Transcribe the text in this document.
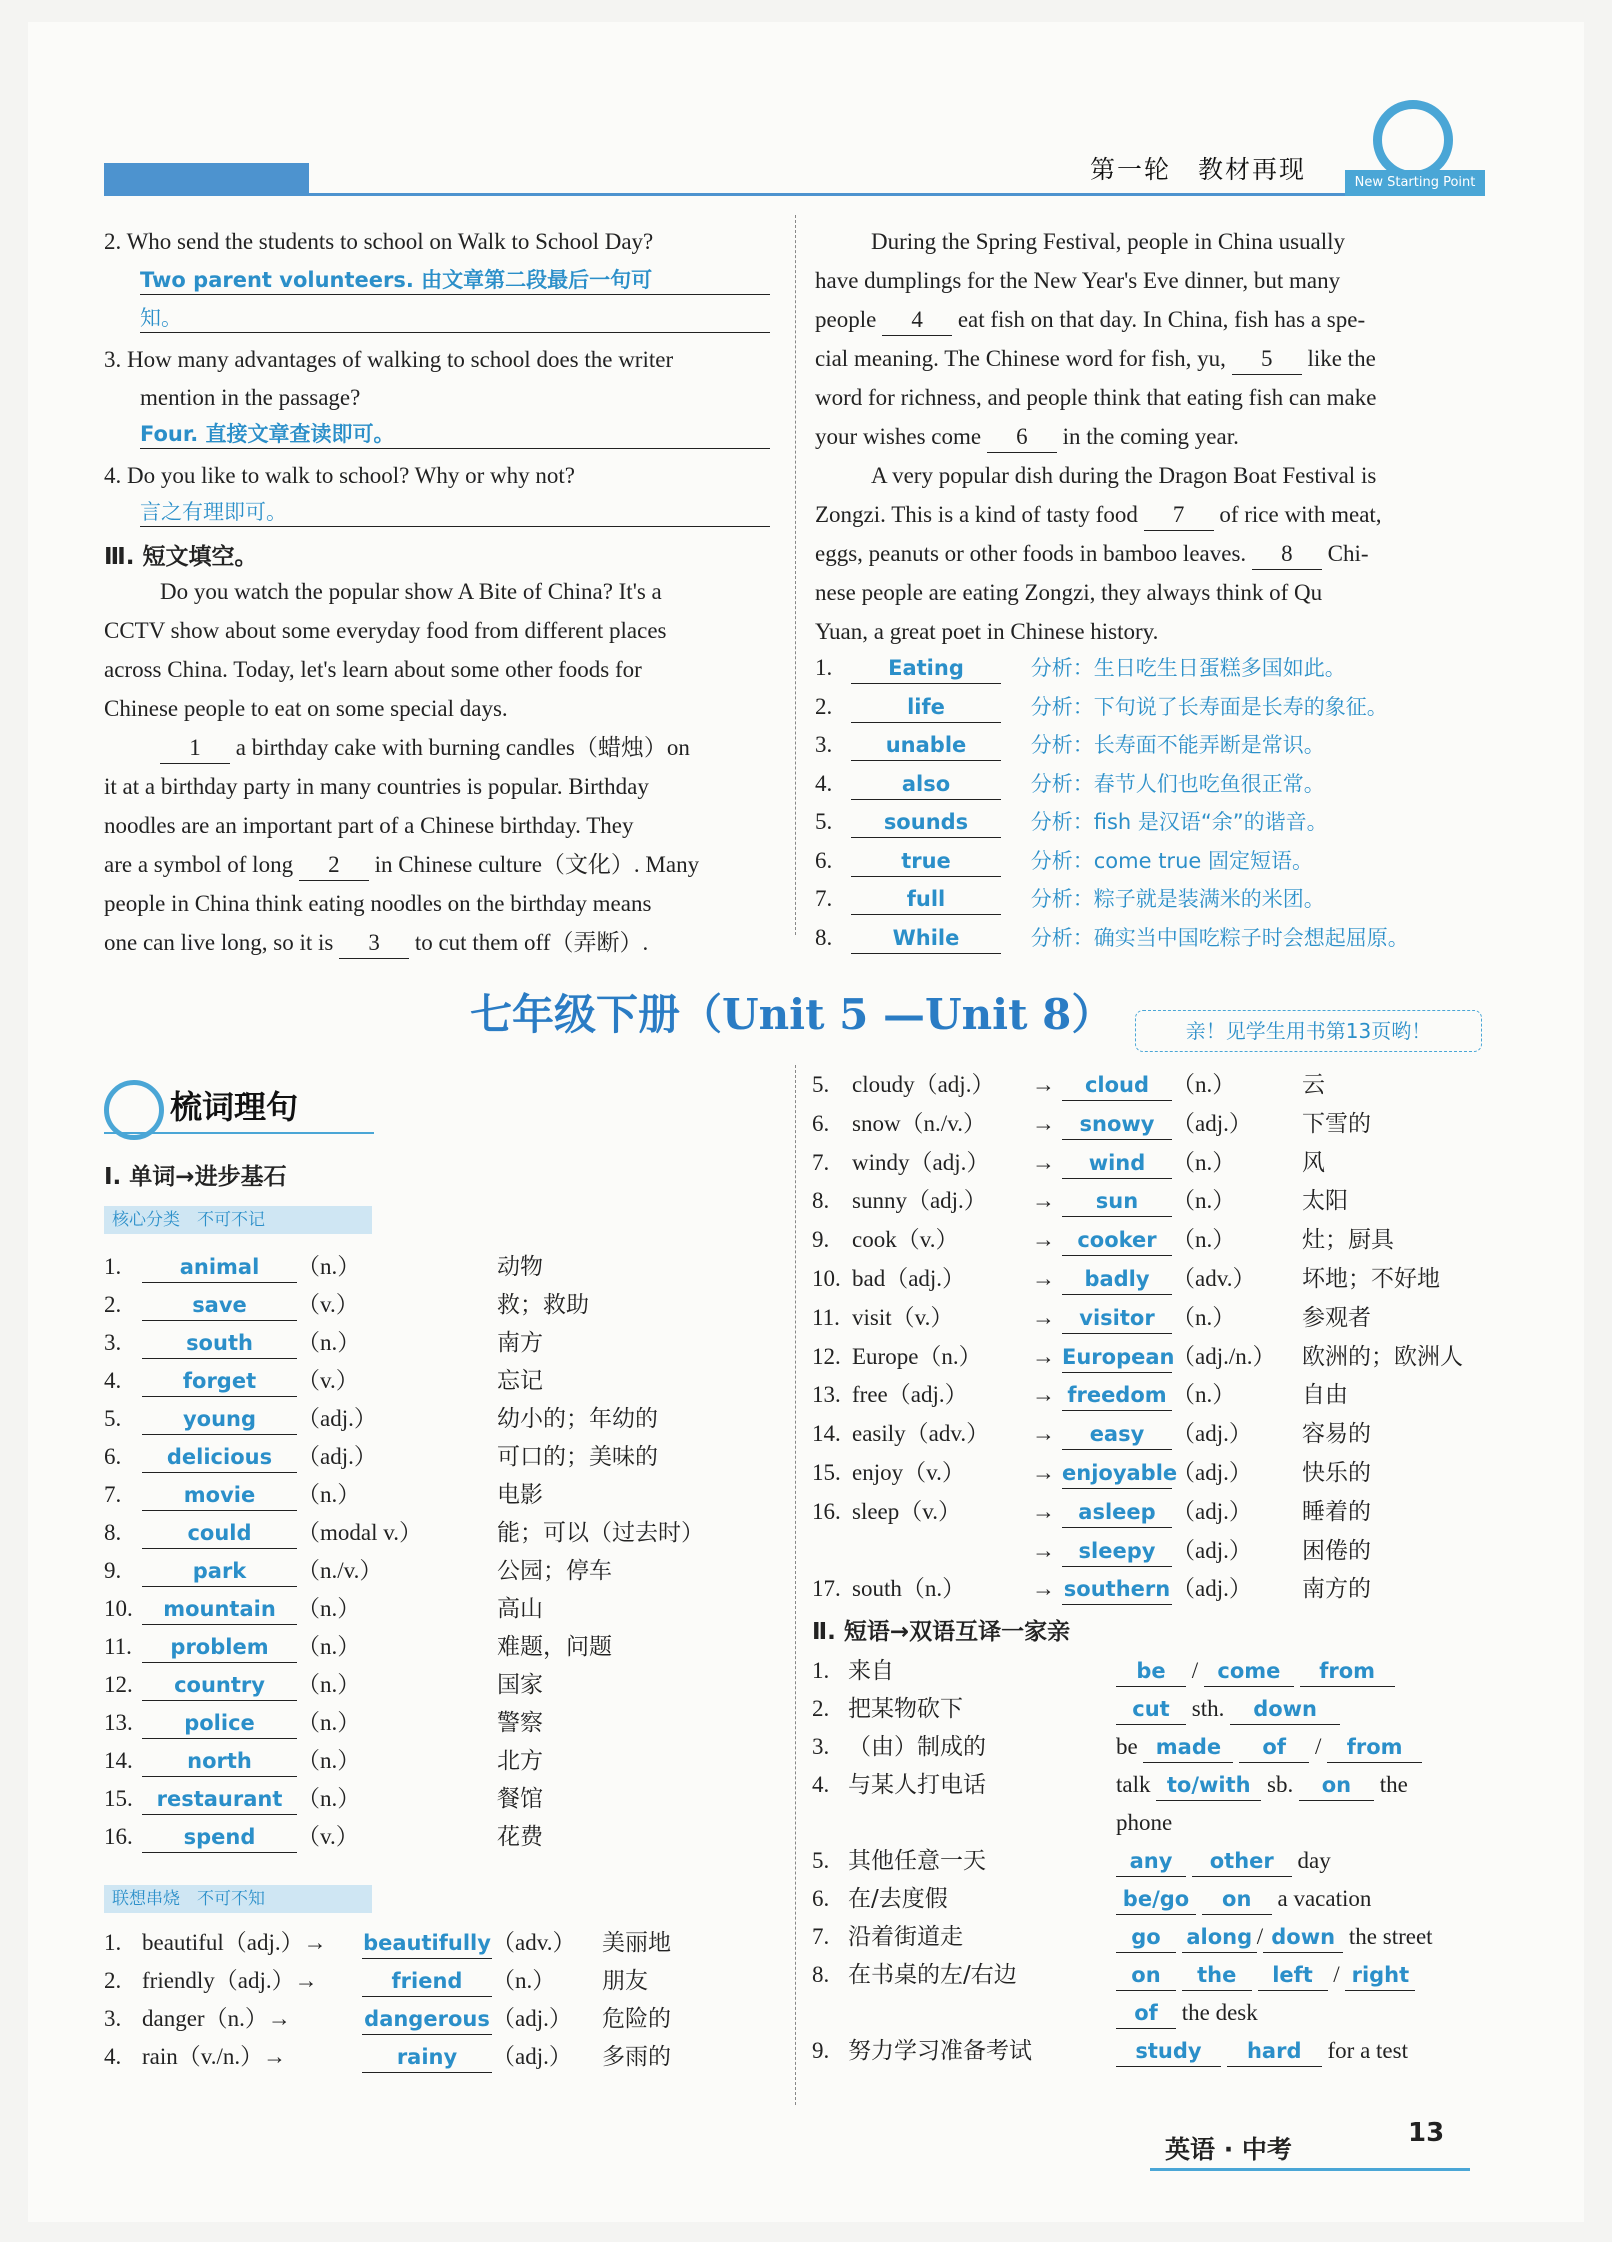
第一轮　教材再现	New Starting Point
2. Who send the students to school on Walk to School Day?
Two parent volunteers. 由文章第二段最后一句可
知。
3. How many advantages of walking to school does the writer
mention in the passage?
Four. 直接文章查读即可。
4. Do you like to walk to school? Why or why not?
言之有理即可。
Ⅲ. 短文填空。
Do you watch the popular show A Bite of China? It's a
CCTV show about some everyday food from different places
across China. Today, let's learn about some other foods for
Chinese people to eat on some special days.
1 a birthday cake with burning candles（蜡烛）on
it at a birthday party in many countries is popular. Birthday
noodles are an important part of a Chinese birthday. They
are a symbol of long 2 in Chinese culture（文化）. Many
people in China think eating noodles on the birthday means
one can live long, so it is 3 to cut them off（弄断）.
During the Spring Festival, people in China usually
have dumplings for the New Year's Eve dinner, but many
people 4 eat fish on that day. In China, fish has a spe-
cial meaning. The Chinese word for fish, yu, 5 like the
word for richness, and people think that eating fish can make
your wishes come 6 in the coming year.
A very popular dish during the Dragon Boat Festival is
Zongzi. This is a kind of tasty food 7 of rice with meat,
eggs, peanuts or other foods in bamboo leaves. 8 Chi-
nese people are eating Zongzi, they always think of Qu
Yuan, a great poet in Chinese history.
1.	Eating	分析：生日吃生日蛋糕多国如此。
2.	life	分析：下句说了长寿面是长寿的象征。
3.	unable	分析：长寿面不能弄断是常识。
4.	also	分析：春节人们也吃鱼很正常。
5. sounds	分析：fish 是汉语“余”的谐音。
6.	true	分析：come true 固定短语。
7.	full	分析：粽子就是装满米的米团。
8.	While	分析：确实当中国吃粽子时会想起屈原。
七年级下册（Unit 5 —Unit 8）	亲！见学生用书第13页哟！
梳词理句
Ⅰ. 单词→进步基石
核心分类　不可不记
1.	animal （n.）	动物
2.	save （v.）	救；救助
3.	south （n.）	南方
4.	forget （v.）	忘记
5.	young （adj.）	幼小的；年幼的
6. delicious （adj.）	可口的；美味的
7.	movie （n.）	电影
8.	could （modal v.）	能；可以（过去时）
9.	park （n./v.）	公园；停车
10. mountain （n.）	高山
11. problem （n.）	难题，问题
12. country （n.）	国家
13. police （n.）	警察
14.	north （n.）	北方
15. restaurant （n.）	餐馆
16. spend （v.）	花费
联想串烧　不可不知
1. beautiful（adj.）→ beautifully（adv.） 美丽地
2. friendly（adj.）→	friend （n.） 朋友
3. danger（n.）→	dangerous（adj.） 危险的
4. rain（v./n.）→	rainy （adj.） 多雨的
5. cloudy（adj.） → cloud （n.）	云
6. snow（n./v.） → snowy （adj.） 下雪的
7. windy（adj.） → wind （n.）	风
8. sunny（adj.） → sun （n.）	太阳
9. cook（v.）	→ cooker （n.）	灶；厨具
10. bad（adj.）	→ badly （adv.） 坏地；不好地
11. visit（v.）	→ visitor （n.）	参观者
12. Europe（n.） → European（adj./n.） 欧洲的；欧洲人
13. free（adj.）	→ freedom （n.）	自由
14. easily（adv.） → easy （adj.） 容易的
15. enjoy（v.）	→ enjoyable（adj.） 快乐的
16. sleep（v.）	→ asleep （adj.） 睡着的
→ sleepy （adj.） 困倦的
17. south（n.）	→ southern（adj.） 南方的
Ⅱ. 短语→双语互译一家亲
1. 来自	be / come from
2. 把某物砍下	cut sth. down
3. （由）制成的	be made of / from
4. 与某人打电话	talk to/with sb. on the
phone
5. 其他任意一天	any other day
6. 在/去度假	be/go on a vacation
7. 沿着街道走	go along / down the street
8. 在书桌的左/右边	on the left / right
of the desk
9. 努力学习准备考试	study hard for a test
英语 · 中考
13
